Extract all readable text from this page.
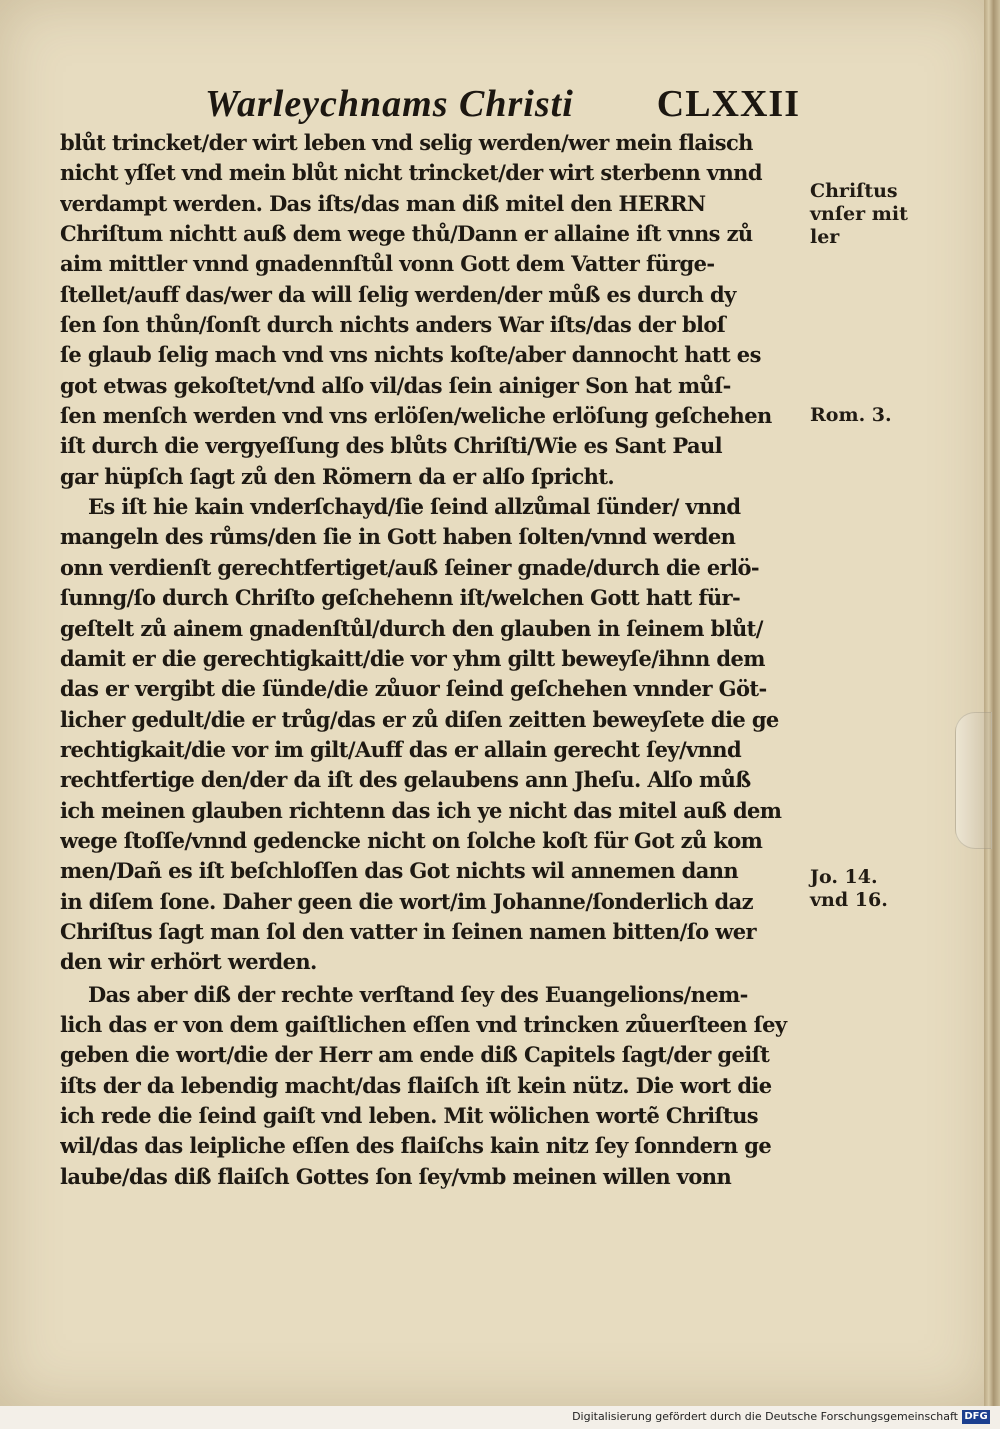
Warleychnams Christi CLXXII
blůt trincket/der wirt leben vnd selig werden/wer mein flaisch
nicht yſſet vnd mein blůt nicht trincket/der wirt sterbenn vnnd
verdampt werden. Das iſts/das man diß mitel den HERRN
Chriſtum nichtt auß dem wege thů/Dann er allaine iſt vnns zů
aim mittler vnnd gnadennſtůl vonn Gott dem Vatter fürge-
ſtellet/auff das/wer da will ſelig werden/der můß es durch dy
ſen ſon thůn/ſonſt durch nichts anders War iſts/das der bloſ
ſe glaub ſelig mach vnd vns nichts koſte/aber dannocht hatt es
got etwas gekoſtet/vnd alſo vil/das ſein ainiger Son hat můſ-
ſen menſch werden vnd vns erlöſen/weliche erlöſung geſchehen
iſt durch die vergyeſſung des blůts Chriſti/Wie es Sant Paul
gar hüpſch ſagt zů den Römern da er alſo ſpricht.
Es iſt hie kain vnderſchayd/ſie ſeind allzůmal ſünder/ vnnd
mangeln des růms/den ſie in Gott haben ſolten/vnnd werden
onn verdienſt gerechtfertiget/auß ſeiner gnade/durch die erlö-
ſunng/ſo durch Chriſto geſchehenn iſt/welchen Gott hatt für-
geſtelt zů ainem gnadenſtůl/durch den glauben in ſeinem blůt/
damit er die gerechtigkaitt/die vor yhm giltt beweyſe/ihnn dem
das er vergibt die ſünde/die zůuor ſeind geſchehen vnnder Göt-
licher gedult/die er trůg/das er zů diſen zeitten beweyſete die ge
rechtigkait/die vor im gilt/Auff das er allain gerecht ſey/vnnd
rechtfertige den/der da iſt des gelaubens ann Jheſu. Alſo můß
ich meinen glauben richtenn das ich ye nicht das mitel auß dem
wege ſtoſſe/vnnd gedencke nicht on ſolche koſt für Got zů kom
men/Dañ es iſt beſchloſſen das Got nichts wil annemen dann
in diſem ſone. Daher geen die wort/im Johanne/ſonderlich daz
Chriſtus ſagt man ſol den vatter in ſeinen namen bitten/ſo wer
den wir erhört werden.
Das aber diß der rechte verſtand ſey des Euangelions/nem-
lich das er von dem gaiſtlichen eſſen vnd trincken zůuerſteen ſey
geben die wort/die der Herr am ende diß Capitels ſagt/der geiſt
iſts der da lebendig macht/das flaiſch iſt kein nütz. Die wort die
ich rede die ſeind gaiſt vnd leben. Mit wölichen wortẽ Chriſtus
wil/das das leipliche eſſen des flaiſchs kain nitz ſey ſonndern ge
laube/das diß flaiſch Gottes ſon ſey/vmb meinen willen vonn
Chriſtus
vnſer mit
ler
Rom. 3.
Jo. 14.
vnd 16.
Digitalisierung gefördert durch die Deutsche Forschungsgemeinschaft DFG
